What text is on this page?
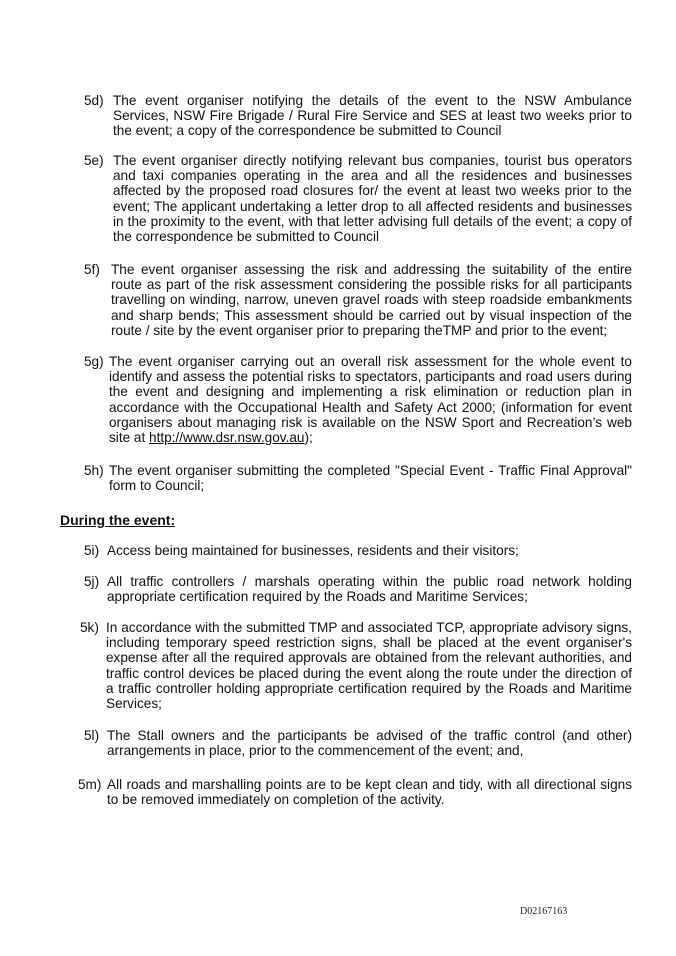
5d) The event organiser notifying the details of the event to the NSW Ambulance Services, NSW Fire Brigade / Rural Fire Service and SES at least two weeks prior to the event; a copy of the correspondence be submitted to Council
5e) The event organiser directly notifying relevant bus companies, tourist bus operators and taxi companies operating in the area and all the residences and businesses affected by the proposed road closures for/ the event at least two weeks prior to the event; The applicant undertaking a letter drop to all affected residents and businesses in the proximity to the event, with that letter advising full details of the event; a copy of the correspondence be submitted to Council
5f) The event organiser assessing the risk and addressing the suitability of the entire route as part of the risk assessment considering the possible risks for all participants travelling on winding, narrow, uneven gravel roads with steep roadside embankments and sharp bends; This assessment should be carried out by visual inspection of the route / site by the event organiser prior to preparing theTMP and prior to the event;
5g) The event organiser carrying out an overall risk assessment for the whole event to identify and assess the potential risks to spectators, participants and road users during the event and designing and implementing a risk elimination or reduction plan in accordance with the Occupational Health and Safety Act 2000; (information for event organisers about managing risk is available on the NSW Sport and Recreation’s web site at http://www.dsr.nsw.gov.au);
5h) The event organiser submitting the completed "Special Event - Traffic Final Approval" form to Council;
During the event:
5i) Access being maintained for businesses, residents and their visitors;
5j) All traffic controllers / marshals operating within the public road network holding appropriate certification required by the Roads and Maritime Services;
5k) In accordance with the submitted TMP and associated TCP, appropriate advisory signs, including temporary speed restriction signs, shall be placed at the event organiser's expense after all the required approvals are obtained from the relevant authorities, and traffic control devices be placed during the event along the route under the direction of a traffic controller holding appropriate certification required by the Roads and Maritime Services;
5l) The Stall owners and the participants be advised of the traffic control (and other) arrangements in place, prior to the commencement of the event; and,
5m) All roads and marshalling points are to be kept clean and tidy, with all directional signs to be removed immediately on completion of the activity.
D02167163
